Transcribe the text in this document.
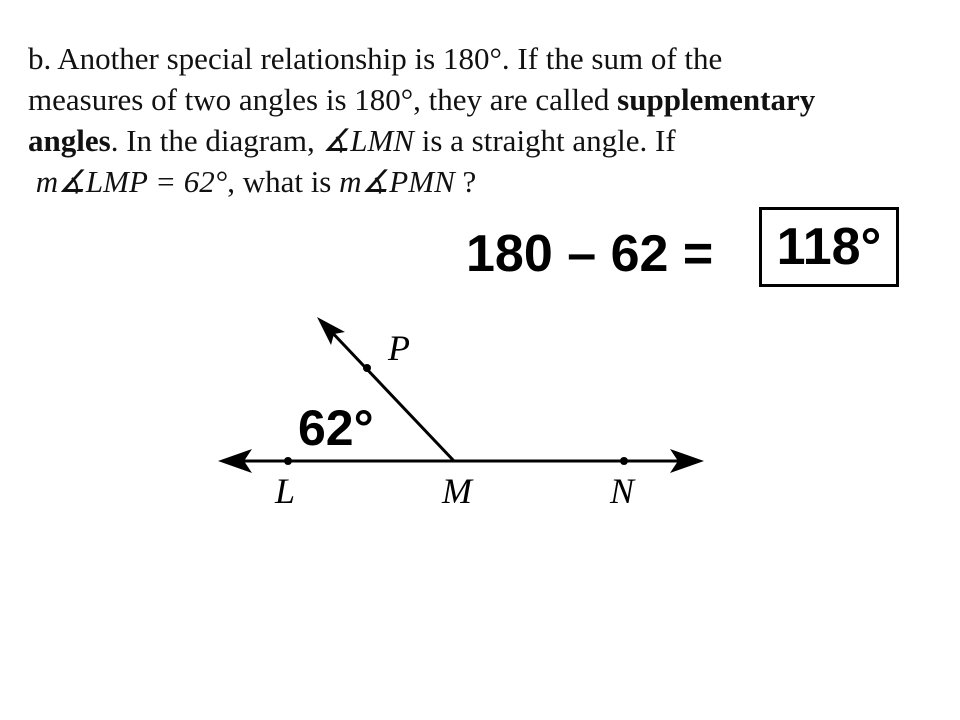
b. Another special relationship is 180°. If the sum of the

measures of two angles is 180°, they are called supplementary

angles. In the diagram, ∡LMN is a straight angle. If

m∡LMP = 62°, what is m∡PMN ?

180 – 62 = 118°
P
L	M	N
62°
